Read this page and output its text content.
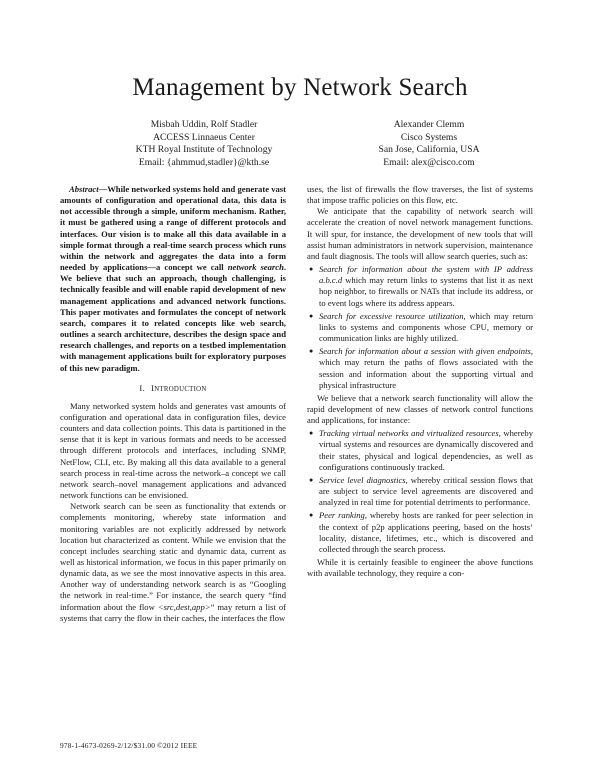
Management by Network Search
Misbah Uddin, Rolf Stadler
ACCESS Linnaeus Center
KTH Royal Institute of Technology
Email: {ahmmud,stadler}@kth.se
Alexander Clemm
Cisco Systems
San Jose, California, USA
Email: alex@cisco.com

Abstract—While networked systems hold and generate vast amounts of configuration and operational data, this data is not accessible through a simple, uniform mechanism. Rather, it must be gathered using a range of different protocols and interfaces. Our vision is to make all this data available in a simple format through a real-time search process which runs within the network and aggregates the data into a form needed by applications—a concept we call network search. We believe that such an approach, though challenging, is technically feasible and will enable rapid development of new management applications and advanced network functions. This paper motivates and formulates the concept of network search, compares it to related concepts like web search, outlines a search architecture, describes the design space and research challenges, and reports on a testbed implementation with management applications built for exploratory purposes of this new paradigm.

I. INTRODUCTION

Many networked system holds and generates vast amounts of configuration and operational data in configuration files, device counters and data collection points. This data is partitioned in the sense that it is kept in various formats and needs to be accessed through different protocols and interfaces, including SNMP, NetFlow, CLI, etc. By making all this data available to a general search process in real-time across the network–a concept we call network search–novel management applications and advanced network functions can be envisioned.

Network search can be seen as functionality that extends or complements monitoring, whereby state information and monitoring variables are not explicitly addressed by network location but characterized as content. While we envision that the concept includes searching static and dynamic data, current as well as historical information, we focus in this paper primarily on dynamic data, as we see the most innovative aspects in this area. Another way of understanding network search is as “Googling the network in real-time.” For instance, the search query “find information about the flow <src,dest,app>” may return a list of systems that carry the flow in their caches, the interfaces the flow

uses, the list of firewalls the flow traverses, the list of systems that impose traffic policies on this flow, etc.

We anticipate that the capability of network search will accelerate the creation of novel network management functions. It will spur, for instance, the development of new tools that will assist human administrators in network supervision, maintenance and fault diagnosis. The tools will allow search queries, such as:

● Search for information about the system with IP address a.b.c.d which may return links to systems that list it as next hop neighbor, to firewalls or NATs that include its address, or to event logs where its address appears.
● Search for excessive resource utilization, which may return links to systems and components whose CPU, memory or communication links are highly utilized.
● Search for information about a session with given endpoints, which may return the paths of flows associated with the session and information about the supporting virtual and physical infrastructure

We believe that a network search functionality will allow the rapid development of new classes of network control functions and applications, for instance:

● Tracking virtual networks and virtualized resources, whereby virtual systems and resources are dynamically discovered and their states, physical and logical dependencies, as well as configurations continuously tracked.
● Service level diagnostics, whereby critical session flows that are subject to service level agreements are discovered and analyzed in real time for potential detriments to performance.
● Peer ranking, whereby hosts are ranked for peer selection in the context of p2p applications peering, based on the hosts’ locality, distance, lifetimes, etc., which is discovered and collected through the search process.

While it is certainly feasible to engineer the above functions with available technology, they require a con-

978-1-4673-0269-2/12/$31.00 ©2012 IEEE
